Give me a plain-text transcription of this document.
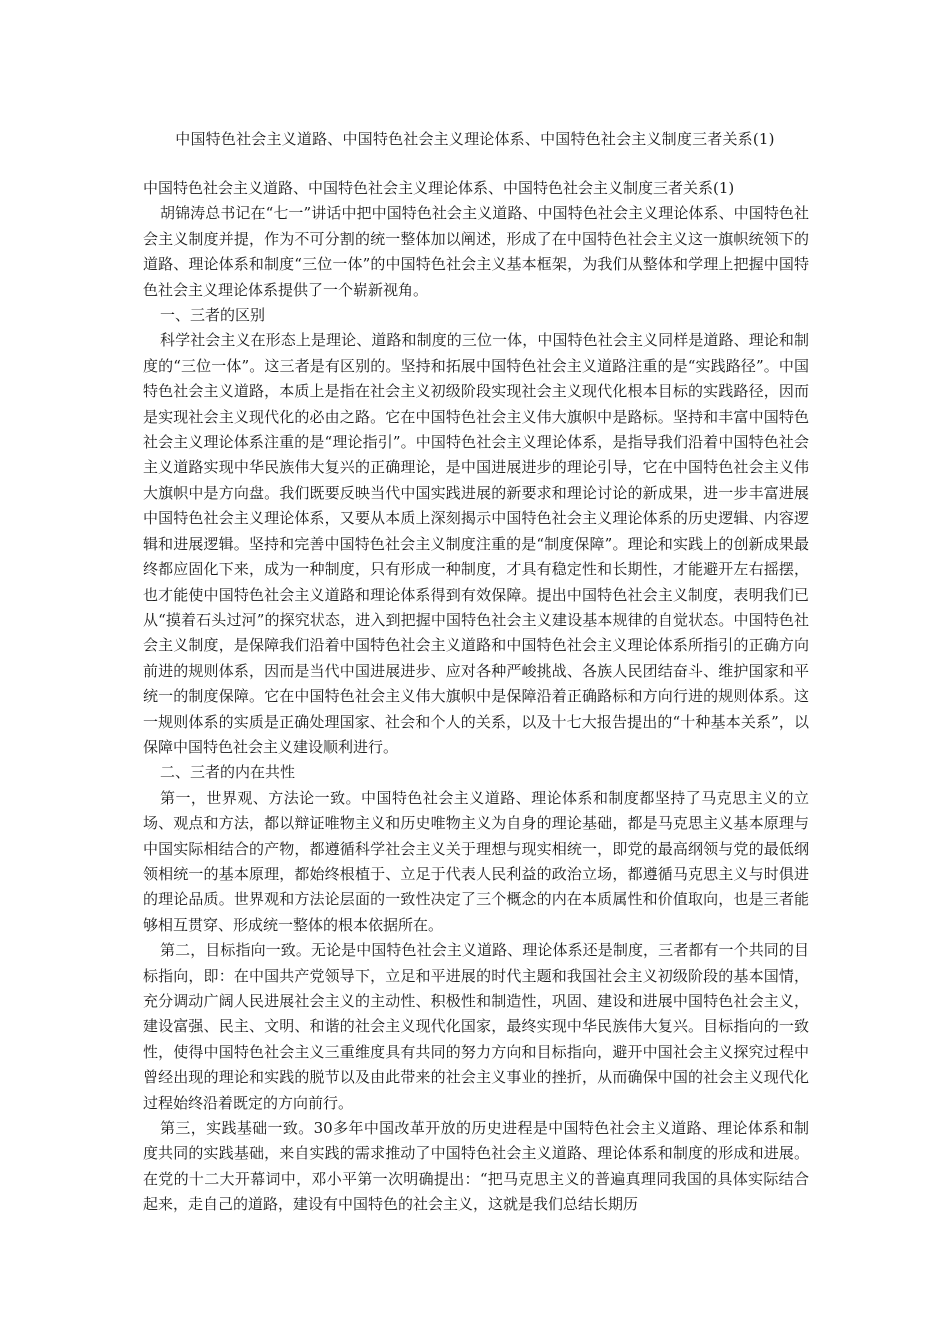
中国特色社会主义道路、中国特色社会主义理论体系、中国特色社会主义制度三者关系(1)

中国特色社会主义道路、中国特色社会主义理论体系、中国特色社会主义制度三者关系(1)

胡锦涛总书记在“七一”讲话中把中国特色社会主义道路、中国特色社会主义理论体系、中国特色社会主义制度并提，作为不可分割的统一整体加以阐述，形成了在中国特色社会主义这一旗帜统领下的道路、理论体系和制度“三位一体”的中国特色社会主义基本框架，为我们从整体和学理上把握中国特色社会主义理论体系提供了一个崭新视角。

一、三者的区别

科学社会主义在形态上是理论、道路和制度的三位一体，中国特色社会主义同样是道路、理论和制度的“三位一体”。这三者是有区别的。坚持和拓展中国特色社会主义道路注重的是“实践路径”。中国特色社会主义道路，本质上是指在社会主义初级阶段实现社会主义现代化根本目标的实践路径，因而是实现社会主义现代化的必由之路。它在中国特色社会主义伟大旗帜中是路标。坚持和丰富中国特色社会主义理论体系注重的是“理论指引”。中国特色社会主义理论体系，是指导我们沿着中国特色社会主义道路实现中华民族伟大复兴的正确理论，是中国进展进步的理论引导，它在中国特色社会主义伟大旗帜中是方向盘。我们既要反映当代中国实践进展的新要求和理论讨论的新成果，进一步丰富进展中国特色社会主义理论体系，又要从本质上深刻揭示中国特色社会主义理论体系的历史逻辑、内容逻辑和进展逻辑。坚持和完善中国特色社会主义制度注重的是“制度保障”。理论和实践上的创新成果最终都应固化下来，成为一种制度，只有形成一种制度，才具有稳定性和长期性，才能避开左右摇摆，也才能使中国特色社会主义道路和理论体系得到有效保障。提出中国特色社会主义制度，表明我们已从“摸着石头过河”的探究状态，进入到把握中国特色社会主义建设基本规律的自觉状态。中国特色社会主义制度，是保障我们沿着中国特色社会主义道路和中国特色社会主义理论体系所指引的正确方向前进的规则体系，因而是当代中国进展进步、应对各种严峻挑战、各族人民团结奋斗、维护国家和平统一的制度保障。它在中国特色社会主义伟大旗帜中是保障沿着正确路标和方向行进的规则体系。这一规则体系的实质是正确处理国家、社会和个人的关系，以及十七大报告提出的“十种基本关系”，以保障中国特色社会主义建设顺利进行。

二、三者的内在共性

第一，世界观、方法论一致。中国特色社会主义道路、理论体系和制度都坚持了马克思主义的立场、观点和方法，都以辩证唯物主义和历史唯物主义为自身的理论基础，都是马克思主义基本原理与中国实际相结合的产物，都遵循科学社会主义关于理想与现实相统一，即党的最高纲领与党的最低纲领相统一的基本原理，都始终根植于、立足于代表人民利益的政治立场，都遵循马克思主义与时俱进的理论品质。世界观和方法论层面的一致性决定了三个概念的内在本质属性和价值取向，也是三者能够相互贯穿、形成统一整体的根本依据所在。

第二，目标指向一致。无论是中国特色社会主义道路、理论体系还是制度，三者都有一个共同的目标指向，即：在中国共产党领导下，立足和平进展的时代主题和我国社会主义初级阶段的基本国情，充分调动广阔人民进展社会主义的主动性、积极性和制造性，巩固、建设和进展中国特色社会主义，建设富强、民主、文明、和谐的社会主义现代化国家，最终实现中华民族伟大复兴。目标指向的一致性，使得中国特色社会主义三重维度具有共同的努力方向和目标指向，避开中国社会主义探究过程中曾经出现的理论和实践的脱节以及由此带来的社会主义事业的挫折，从而确保中国的社会主义现代化过程始终沿着既定的方向前行。

第三，实践基础一致。30多年中国改革开放的历史进程是中国特色社会主义道路、理论体系和制度共同的实践基础，来自实践的需求推动了中国特色社会主义道路、理论体系和制度的形成和进展。在党的十二大开幕词中，邓小平第一次明确提出：“把马克思主义的普遍真理同我国的具体实际结合起来，走自己的道路，建设有中国特色的社会主义，这就是我们总结长期历
